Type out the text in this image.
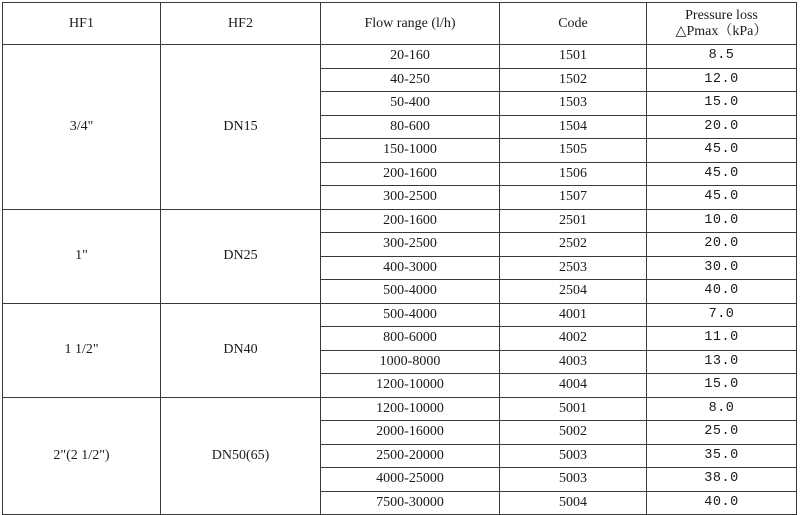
HF1	HF2	Flow range (l/h)	Code	Pressure loss
△Pmax（kPa）

3/4"	DN15	20-160	1501	8.5
		40-250	1502	12.0
		50-400	1503	15.0
		80-600	1504	20.0
		150-1000	1505	45.0
		200-1600	1506	45.0
		300-2500	1507	45.0
1"	DN25	200-1600	2501	10.0
		300-2500	2502	20.0
		400-3000	2503	30.0
		500-4000	2504	40.0
1 1/2"	DN40	500-4000	4001	7.0
		800-6000	4002	11.0
		1000-8000	4003	13.0
		1200-10000	4004	15.0
2"(2 1/2")	DN50(65)	1200-10000	5001	8.0
		2000-16000	5002	25.0
		2500-20000	5003	35.0
		4000-25000	5003	38.0
		7500-30000	5004	40.0
